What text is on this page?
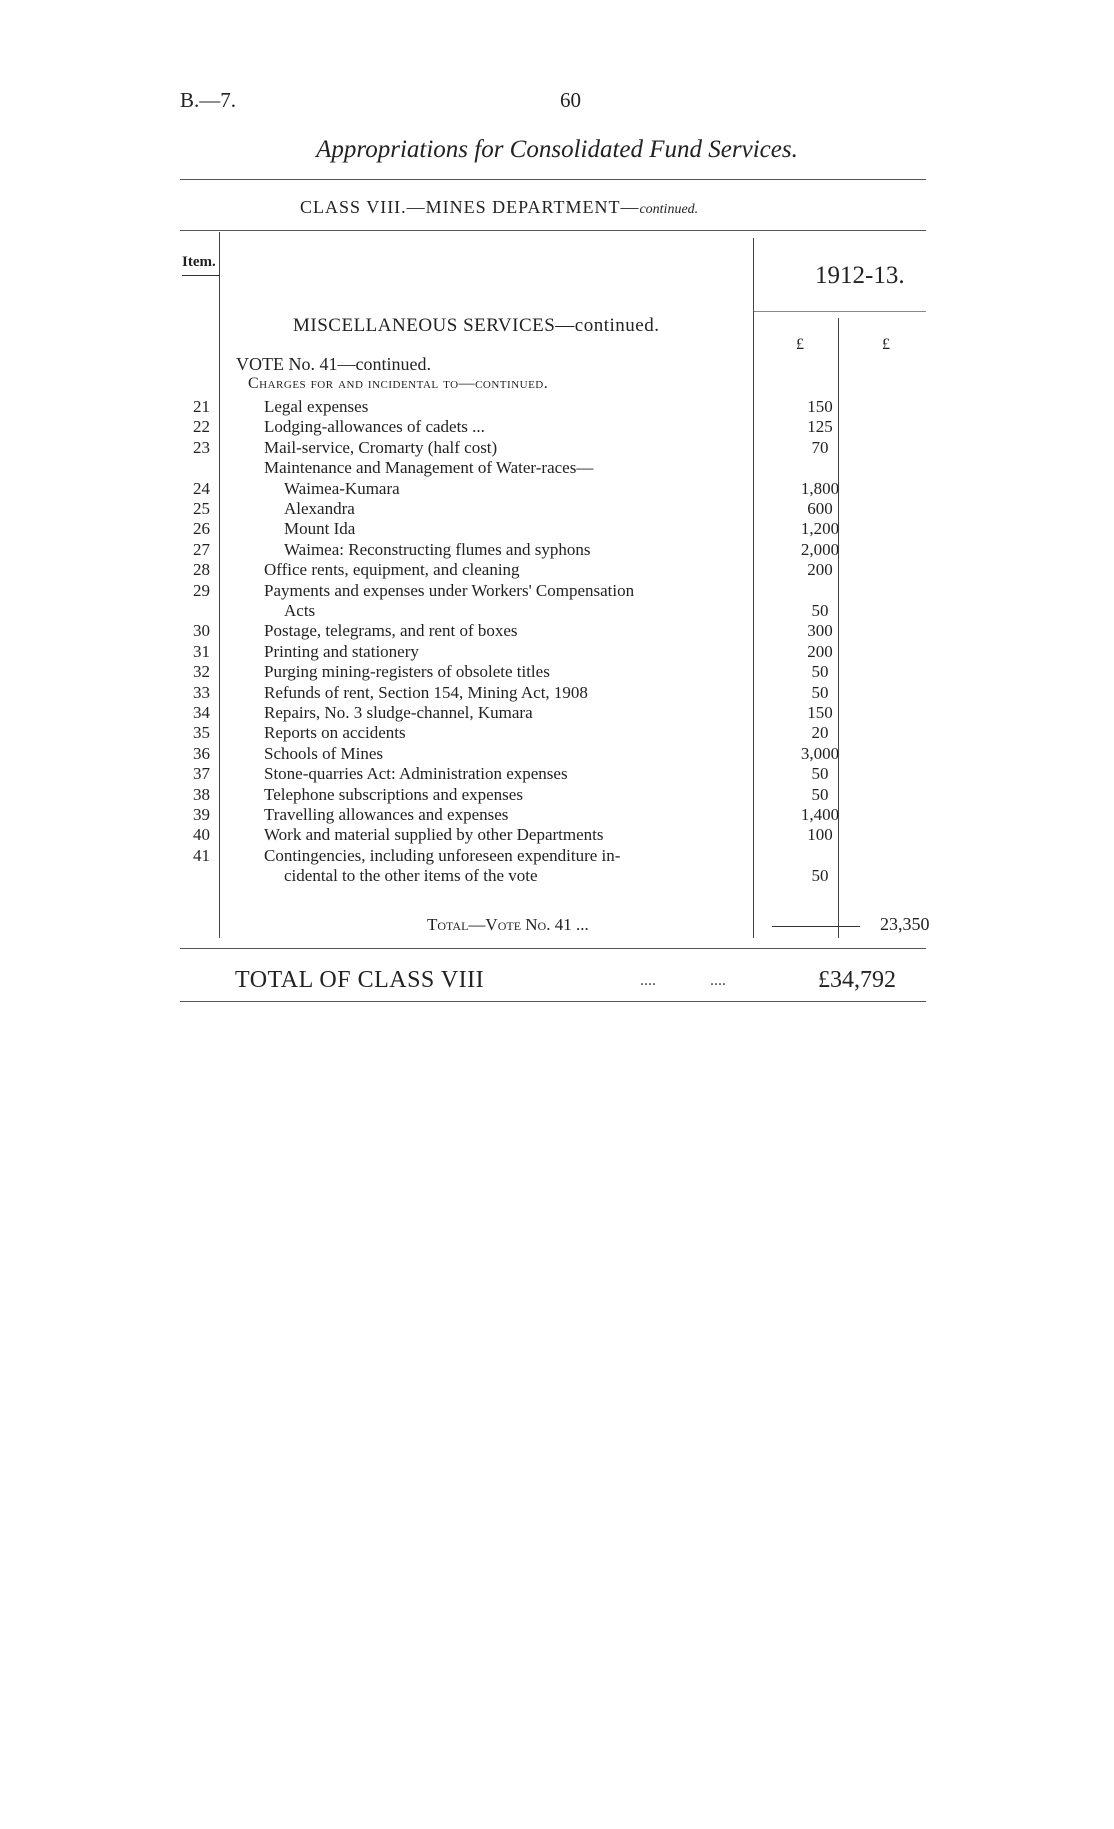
B.—7.	60
Appropriations for Consolidated Fund Services.
CLASS VIII.—MINES DEPARTMENT—continued.
Item.	1912-13.
MISCELLANEOUS SERVICES—continued.
£	£
VOTE No. 41—continued.
Charges for and incidental to—continued.
21	Legal expenses	150
22	Lodging-allowances of cadets ...	125
23	Mail-service, Cromarty (half cost)	70
Maintenance and Management of Water-races—
24	Waimea-Kumara	1,800
25	Alexandra	600
26	Mount Ida	1,200
27	Waimea: Reconstructing flumes and syphons	2,000
28	Office rents, equipment, and cleaning	200
29	Payments and expenses under Workers' Compensation
Acts	50
30	Postage, telegrams, and rent of boxes	300
31	Printing and stationery	200
32	Purging mining-registers of obsolete titles	50
33	Refunds of rent, Section 154, Mining Act, 1908	50
34	Repairs, No. 3 sludge-channel, Kumara	150
35	Reports on accidents	20
36	Schools of Mines	3,000
37	Stone-quarries Act: Administration expenses	50
38	Telephone subscriptions and expenses	50
39	Travelling allowances and expenses	1,400
40	Work and material supplied by other Departments	100
41	Contingencies, including unforeseen expenditure in-
cidental to the other items of the vote	50
Total—Vote No. 41 ...	23,350
TOTAL OF CLASS VIII	.... ....	£34,792
